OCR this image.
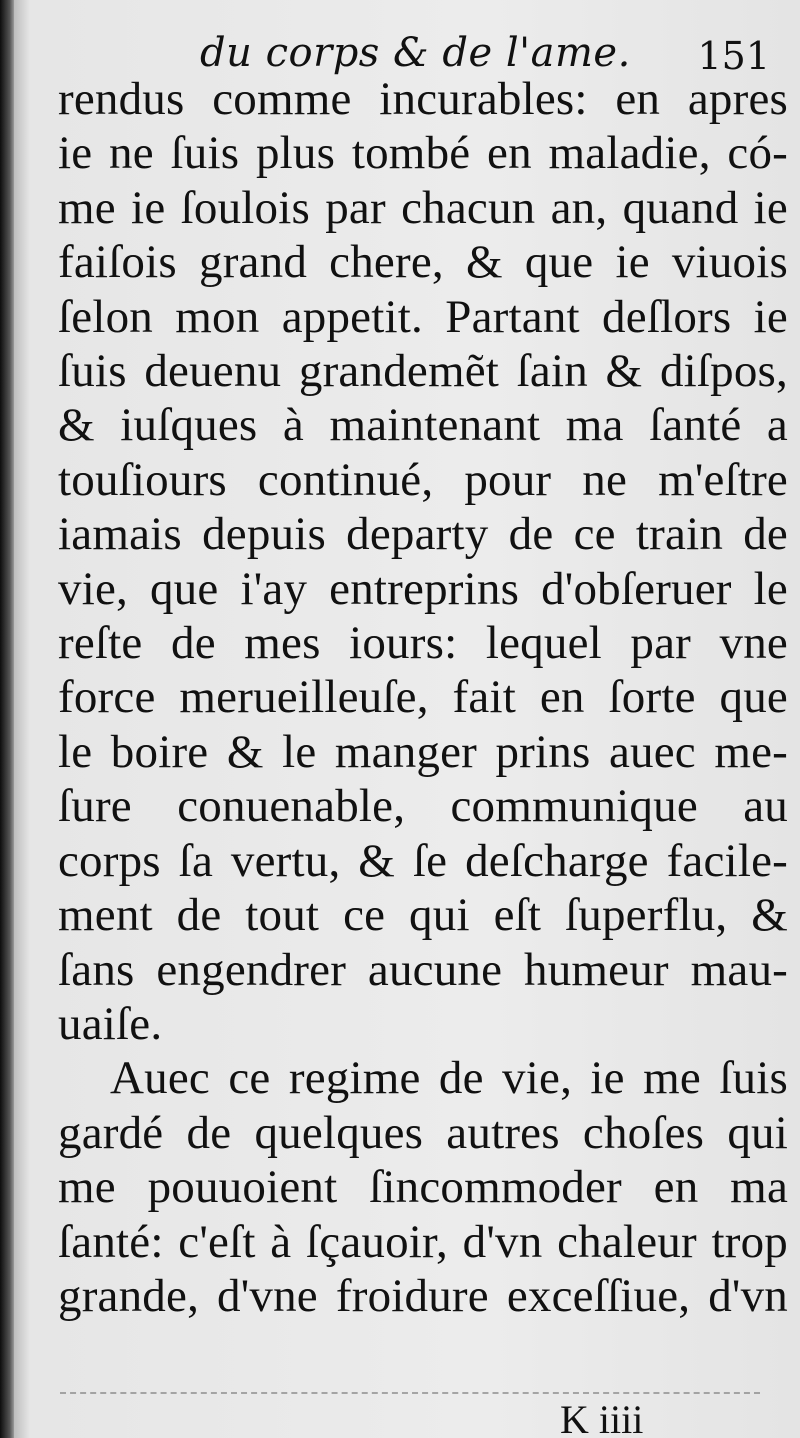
du corps & de l'ame. 151
rendus comme incurables: en apres
ie ne ſuis plus tombé en maladie, có-
me ie ſoulois par chacun an, quand ie
faiſois grand chere, & que ie viuois
ſelon mon appetit. Partant deſlors ie
ſuis deuenu grandemẽt ſain & diſpos,
& iuſques à maintenant ma ſanté a
touſiours continué, pour ne m'eſtre
iamais depuis departy de ce train de
vie, que i'ay entreprins d'obſeruer le
reſte de mes iours: lequel par vne
force merueilleuſe, fait en ſorte que
le boire & le manger prins auec me-
ſure conuenable, communique au
corps ſa vertu, & ſe deſcharge facile-
ment de tout ce qui eſt ſuperflu, &
ſans engendrer aucune humeur mau-
uaiſe.
Auec ce regime de vie, ie me ſuis
gardé de quelques autres choſes qui
me pouuoient ſincommoder en ma
ſanté: c'eſt à ſçauoir, d'vn chaleur trop
grande, d'vne froidure exceſſiue, d'vn
K iiii
